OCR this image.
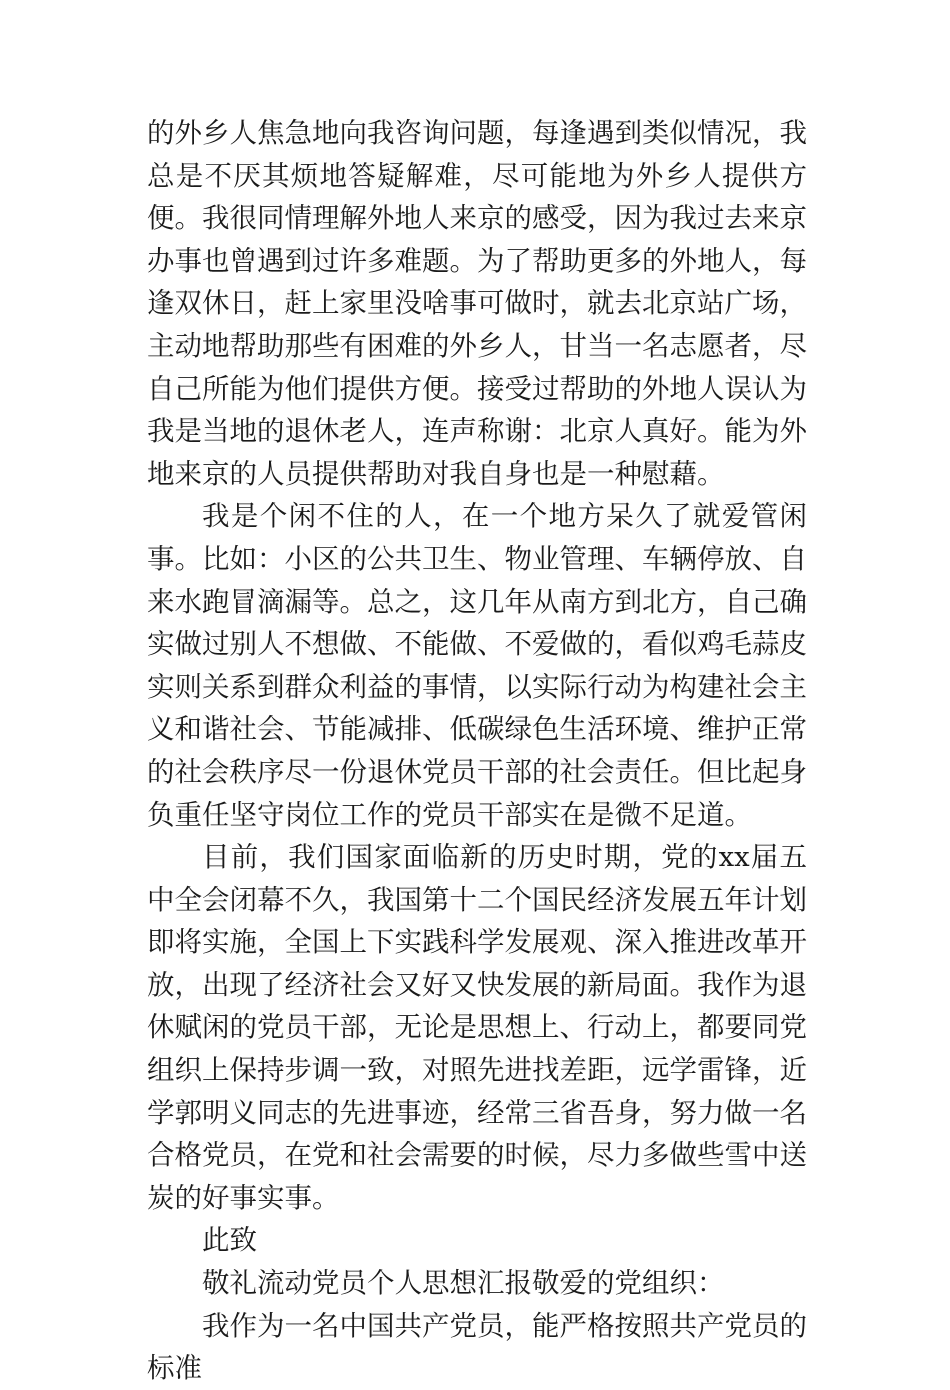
的外乡人焦急地向我咨询问题，每逢遇到类似情况，我总是不厌其烦地答疑解难，尽可能地为外乡人提供方便。我很同情理解外地人来京的感受，因为我过去来京办事也曾遇到过许多难题。为了帮助更多的外地人，每逢双休日，赶上家里没啥事可做时，就去北京站广场，主动地帮助那些有困难的外乡人，甘当一名志愿者，尽自己所能为他们提供方便。接受过帮助的外地人误认为我是当地的退休老人，连声称谢：北京人真好。能为外地来京的人员提供帮助对我自身也是一种慰藉。

我是个闲不住的人，在一个地方呆久了就爱管闲事。比如：小区的公共卫生、物业管理、车辆停放、自来水跑冒滴漏等。总之，这几年从南方到北方，自己确实做过别人不想做、不能做、不爱做的，看似鸡毛蒜皮实则关系到群众利益的事情，以实际行动为构建社会主义和谐社会、节能减排、低碳绿色生活环境、维护正常的社会秩序尽一份退休党员干部的社会责任。但比起身负重任坚守岗位工作的党员干部实在是微不足道。

目前，我们国家面临新的历史时期，党的xx届五中全会闭幕不久，我国第十二个国民经济发展五年计划即将实施，全国上下实践科学发展观、深入推进改革开放，出现了经济社会又好又快发展的新局面。我作为退休赋闲的党员干部，无论是思想上、行动上，都要同党组织上保持步调一致，对照先进找差距，远学雷锋，近学郭明义同志的先进事迹，经常三省吾身，努力做一名合格党员，在党和社会需要的时候，尽力多做些雪中送炭的好事实事。

此致

敬礼流动党员个人思想汇报敬爱的党组织：

我作为一名中国共产党员，能严格按照共产党员的标准
